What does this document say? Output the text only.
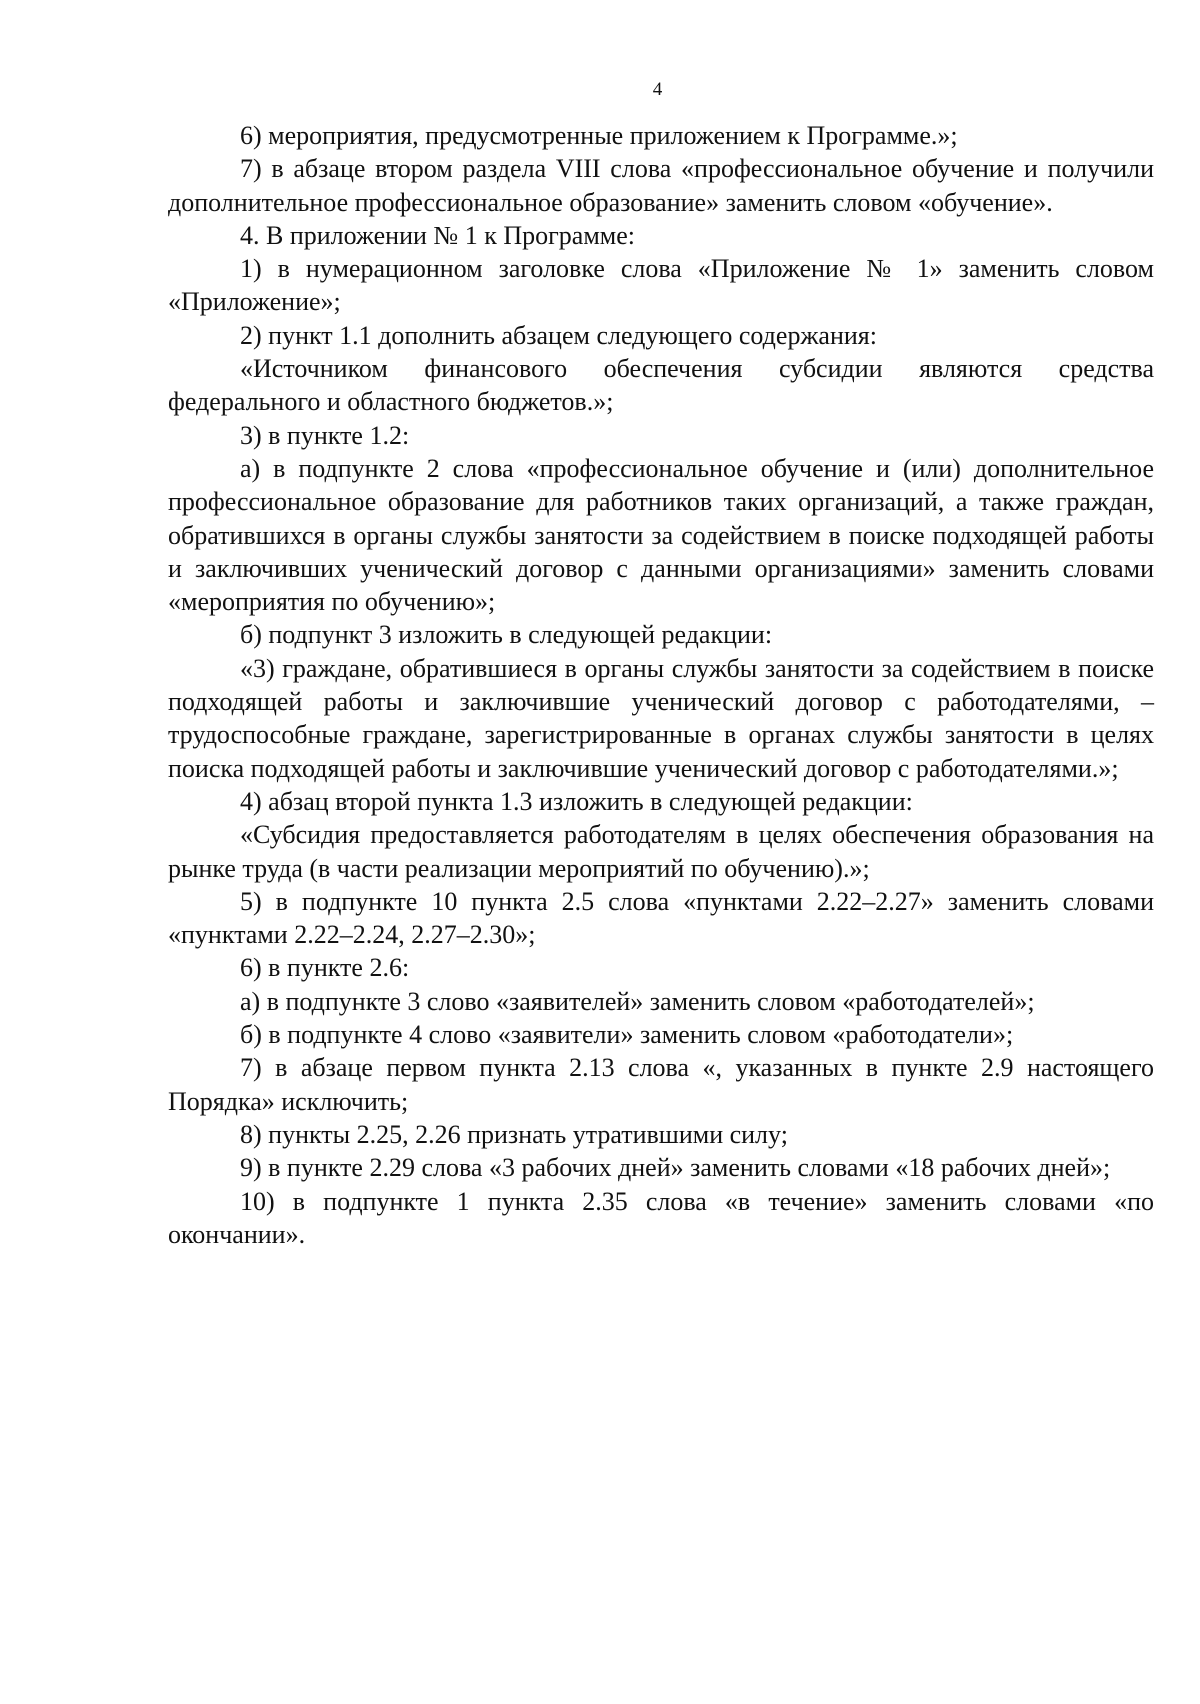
4

6) мероприятия, предусмотренные приложением к Программе.»;

7) в абзаце втором раздела VIII слова «профессиональное обучение и получили дополнительное профессиональное образование» заменить словом «обучение».

4. В приложении № 1 к Программе:

1) в нумерационном заголовке слова «Приложение № 1» заменить словом «Приложение»;

2) пункт 1.1 дополнить абзацем следующего содержания:

«Источником финансового обеспечения субсидии являются средства федерального и областного бюджетов.»;

3) в пункте 1.2:

а) в подпункте 2 слова «профессиональное обучение и (или) дополнительное профессиональное образование для работников таких организаций, а также граждан, обратившихся в органы службы занятости за содействием в поиске подходящей работы и заключивших ученический договор с данными организациями» заменить словами «мероприятия по обучению»;

б) подпункт 3 изложить в следующей редакции:

«3) граждане, обратившиеся в органы службы занятости за содействием в поиске подходящей работы и заключившие ученический договор с работодателями, – трудоспособные граждане, зарегистрированные в органах службы занятости в целях поиска подходящей работы и заключившие ученический договор с работодателями.»;

4) абзац второй пункта 1.3 изложить в следующей редакции:

«Субсидия предоставляется работодателям в целях обеспечения образования на рынке труда (в части реализации мероприятий по обучению).»;

5) в подпункте 10 пункта 2.5 слова «пунктами 2.22–2.27» заменить словами «пунктами 2.22–2.24, 2.27–2.30»;

6) в пункте 2.6:

а) в подпункте 3 слово «заявителей» заменить словом «работодателей»;

б) в подпункте 4 слово «заявители» заменить словом «работодатели»;

7) в абзаце первом пункта 2.13 слова «, указанных в пункте 2.9 настоящего Порядка» исключить;

8) пункты 2.25, 2.26 признать утратившими силу;

9) в пункте 2.29 слова «3 рабочих дней» заменить словами «18 рабочих дней»;

10) в подпункте 1 пункта 2.35 слова «в течение» заменить словами «по окончании».
